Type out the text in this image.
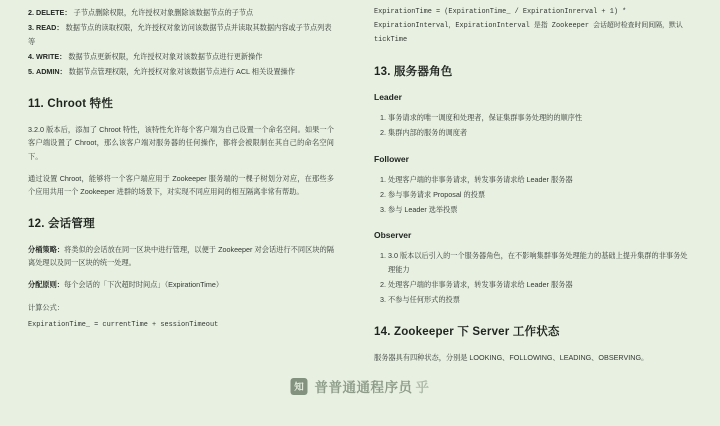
2. DELETE： 子节点删除权限，允许授权对象删除该数据节点的子节点
3. READ： 数据节点的读取权限，允许授权对象访问该数据节点并读取其数据内容或子节点列表等
4. WRITE： 数据节点更新权限，允许授权对象对该数据节点进行更新操作
5. ADMIN： 数据节点管理权限，允许授权对象对该数据节点进行 ACL 相关设置操作
11. Chroot 特性

3.2.0 版本后，添加了 Chroot 特性，该特性允许每个客户端为自己设置一个命名空间。如果一个客户端设置了 Chroot，那么该客户端对服务器的任何操作，都将会被限制在其自己的命名空间下。

通过设置 Chroot，能够将一个客户端应用于 Zookeeper 服务端的一棵子树划分对应，在那些多个应用共用一个 Zookeeper 进群的场景下，对实现不同应用间的相互隔离非常有帮助。

12. 会话管理

分桶策略：将类似的会话放在同一区块中进行管理，以便于 Zookeeper 对会话进行不同区块的隔离处理以及同一区块的统一处理。

分配原则：每个会话的「下次超时时间点」（ExpirationTime）

计算公式：

ExpirationTime_ = currentTime + sessionTimeout
ExpirationTime = (ExpirationTime_ / ExpirationInrerval + 1) * ExpirationInterval，ExpirationInterval 是指 Zookeeper 会话超时检查时间间隔，默认 tickTime
13. 服务器角色
Leader
1. 事务请求的唯一调度和处理者，保证集群事务处理的的顺序性
2. 集群内部的服务的调度者
Follower
1. 处理客户端的非事务请求，转发事务请求给 Leader 服务器
2. 参与事务请求 Proposal 的投票
3. 参与 Leader 选举投票
Observer
1. 3.0 版本以后引入的一个服务器角色，在不影响集群事务处理能力的基础上提升集群的非事务处理能力
2. 处理客户端的非事务请求，转发事务请求给 Leader 服务器
3. 不参与任何形式的投票
14. Zookeeper 下 Server 工作状态

服务器具有四种状态，分别是 LOOKING、FOLLOWING、LEADING、OBSERVING。

知 普普通通程序员 乎
